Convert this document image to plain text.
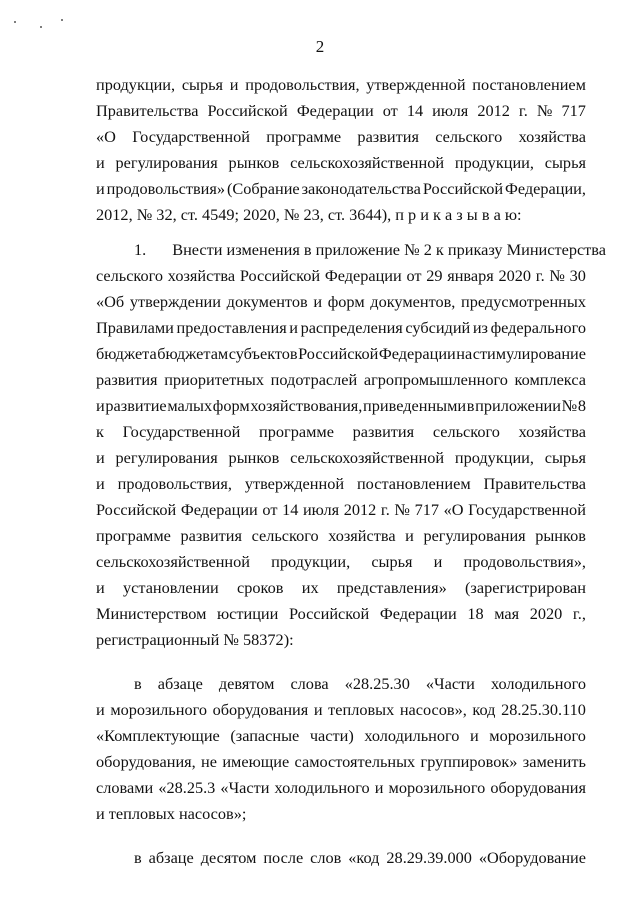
2
продукции, сырья и продовольствия, утвержденной постановлением
Правительства Российской Федерации от 14 июля 2012 г. № 717
«О Государственной программе развития сельского хозяйства
и регулирования рынков сельскохозяйственной продукции, сырья
и продовольствия» (Собрание законодательства Российской Федерации,
2012, № 32, ст. 4549; 2020, № 23, ст. 3644), п р и к а з ы в а ю:
1.	Внести изменения в приложение № 2 к приказу Министерства
сельского хозяйства Российской Федерации от 29 января 2020 г. № 30
«Об утверждении документов и форм документов, предусмотренных
Правилами предоставления и распределения субсидий из федерального
бюджета бюджетам субъектов Российской Федерации на стимулирование
развития приоритетных подотраслей агропромышленного комплекса
и развитие малых форм хозяйствования, приведенными в приложении № 8
к Государственной программе развития сельского хозяйства
и регулирования рынков сельскохозяйственной продукции, сырья
и продовольствия, утвержденной постановлением Правительства
Российской Федерации от 14 июля 2012 г. № 717 «О Государственной
программе развития сельского хозяйства и регулирования рынков
сельскохозяйственной продукции, сырья и продовольствия»,
и установлении сроков их представления» (зарегистрирован
Министерством юстиции Российской Федерации 18 мая 2020 г.,
регистрационный № 58372):
в абзаце девятом слова «28.25.30 «Части холодильного
и морозильного оборудования и тепловых насосов», код 28.25.30.110
«Комплектующие (запасные части) холодильного и морозильного
оборудования, не имеющие самостоятельных группировок» заменить
словами «28.25.3 «Части холодильного и морозильного оборудования
и тепловых насосов»;
в абзаце десятом после слов «код 28.29.39.000 «Оборудование
